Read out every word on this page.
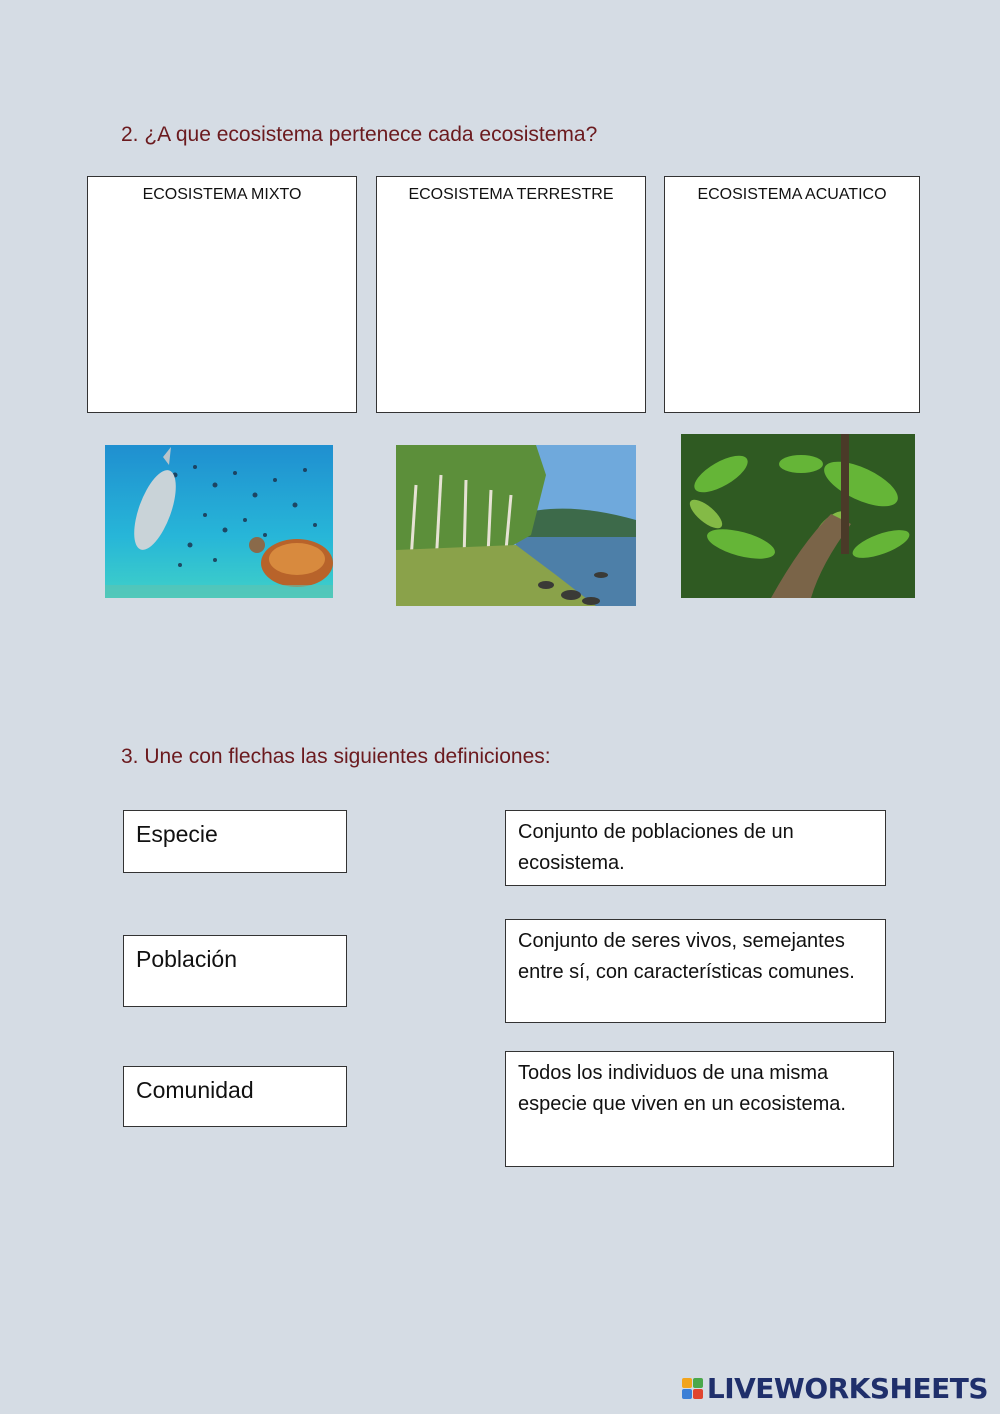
2. ¿A que ecosistema pertenece cada ecosistema?
ECOSISTEMA MIXTO	ECOSISTEMA TERRESTRE	ECOSISTEMA ACUATICO
3. Une con flechas las siguientes definiciones:
Especie
Población
Comunidad
Conjunto de poblaciones de un ecosistema.
Conjunto de seres vivos, semejantes entre sí, con características comunes.
Todos los individuos de una misma especie que viven en un ecosistema.
LIVEWORKSHEETS
